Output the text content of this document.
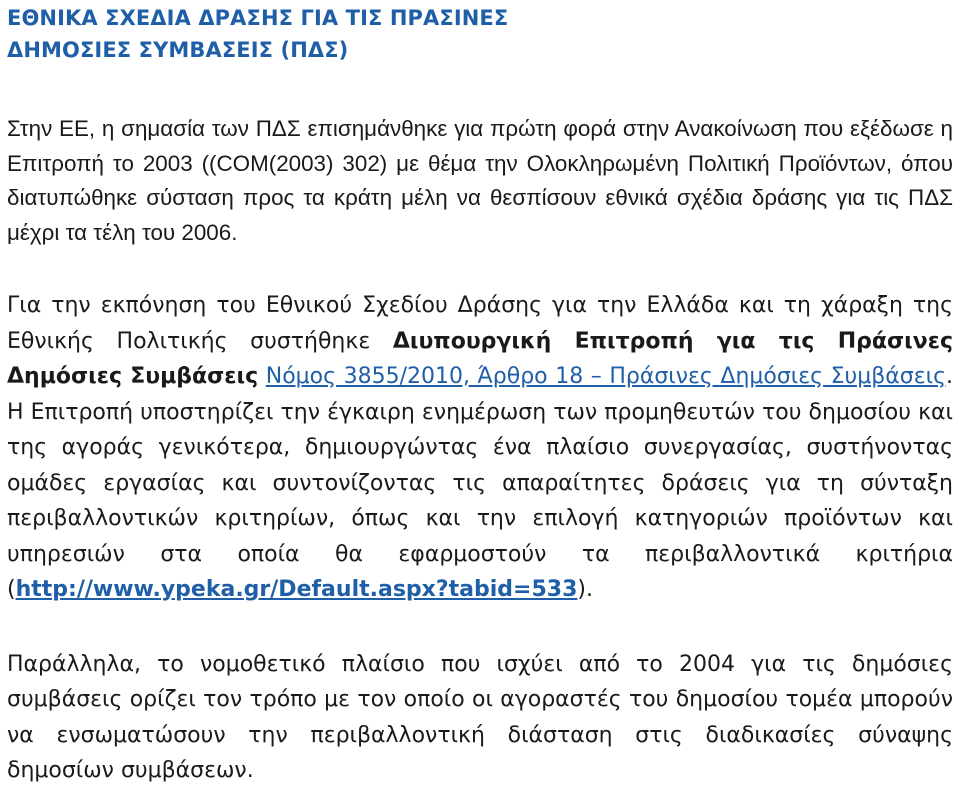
ΕΘΝΙΚΑ ΣΧΕΔΙΑ ΔΡΑΣΗΣ ΓΙΑ ΤΙΣ ΠΡΑΣΙΝΕΣ
ΔΗΜΟΣΙΕΣ ΣΥΜΒΑΣΕΙΣ (ΠΔΣ)

Στην ΕΕ, η σημασία των ΠΔΣ επισημάνθηκε για πρώτη φορά στην Ανακοίνωση που εξέδωσε η Επιτροπή το 2003 ((COM(2003) 302) με θέμα την Ολοκληρωμένη Πολιτική Προϊόντων, όπου διατυπώθηκε σύσταση προς τα κράτη μέλη να θεσπίσουν εθνικά σχέδια δράσης για τις ΠΔΣ μέχρι τα τέλη του 2006.

Για την εκπόνηση του Εθνικού Σχεδίου Δράσης για την Ελλάδα και τη χάραξη της Εθνικής Πολιτικής συστήθηκε Διυπουργική Επιτροπή για τις Πράσινες Δημόσιες Συμβάσεις Νόμος 3855/2010, Άρθρο 18 – Πράσινες Δημόσιες Συμβάσεις. Η Επιτροπή υποστηρίζει την έγκαιρη ενημέρωση των προμηθευτών του δημοσίου και της αγοράς γενικότερα, δημιουργώντας ένα πλαίσιο συνεργασίας, συστήνοντας ομάδες εργασίας και συντονίζοντας τις απαραίτητες δράσεις για τη σύνταξη περιβαλλοντικών κριτηρίων, όπως και την επιλογή κατηγοριών προϊόντων και υπηρεσιών στα οποία θα εφαρμοστούν τα περιβαλλοντικά κριτήρια (http://www.ypeka.gr/Default.aspx?tabid=533).

Παράλληλα, το νομοθετικό πλαίσιο που ισχύει από το 2004 για τις δημόσιες συμβάσεις ορίζει τον τρόπο με τον οποίο οι αγοραστές του δημοσίου τομέα μπορούν να ενσωματώσουν την περιβαλλοντική διάσταση στις διαδικασίες σύναψης δημοσίων συμβάσεων.
